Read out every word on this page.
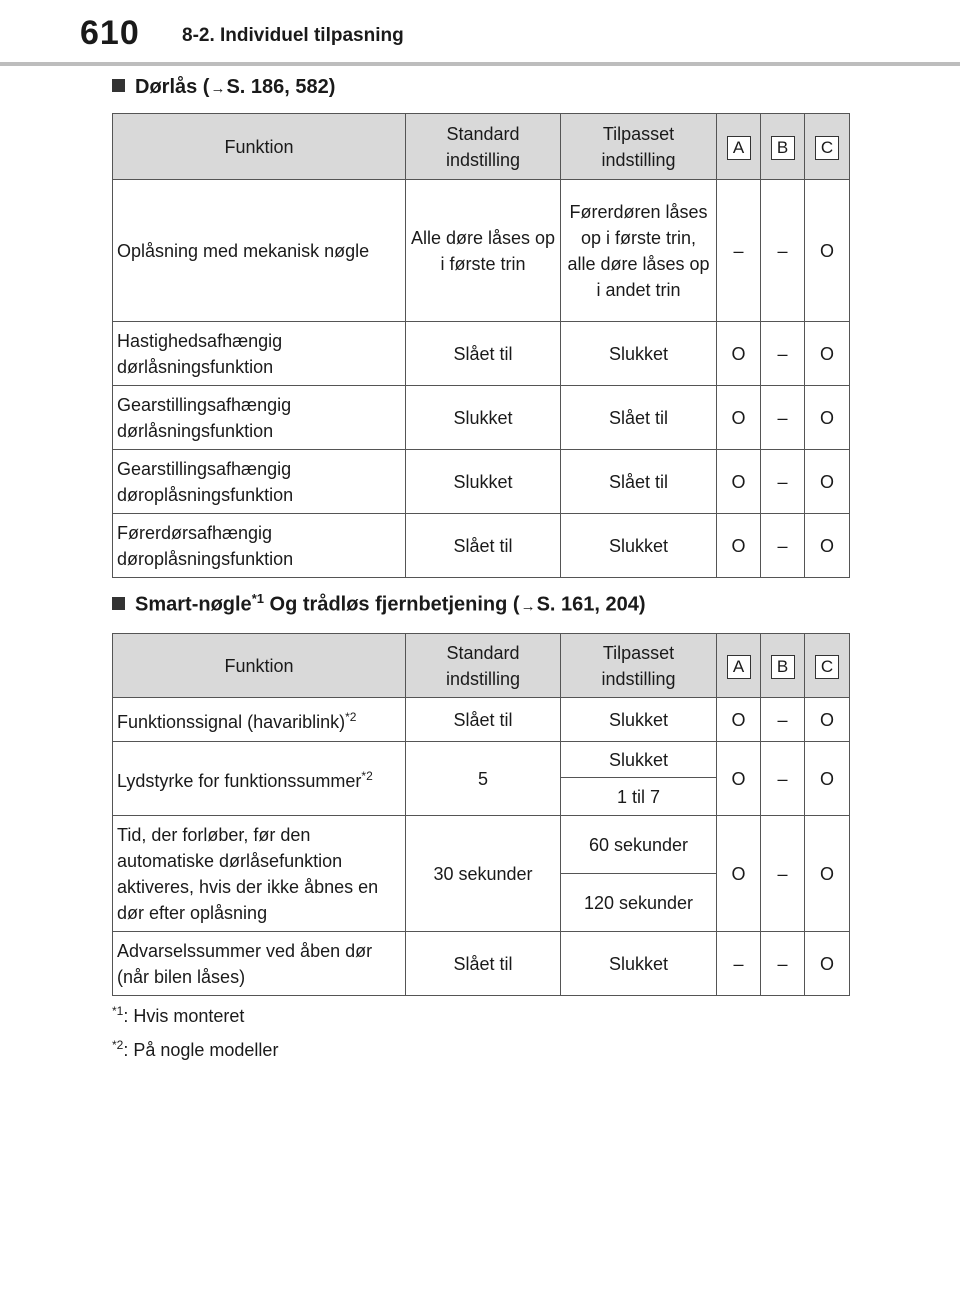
610 8-2. Individuel tilpasning
Dørlås (→S. 186, 582)
Funktion	Standard indstilling	Tilpasset indstilling	A	B	C
Oplåsning med mekanisk nøgle	Alle døre låses op i første trin	Førerdøren låses op i første trin, alle døre låses op i andet trin	–	–	O
Hastighedsafhængig dørlåsningsfunktion	Slået til	Slukket	O	–	O
Gearstillingsafhængig dørlåsningsfunktion	Slukket	Slået til	O	–	O
Gearstillingsafhængig døroplåsningsfunktion	Slukket	Slået til	O	–	O
Førerdørsafhængig døroplåsningsfunktion	Slået til	Slukket	O	–	O
Smart-nøgle$^{*1}$ Og trådløs fjernbetjening (→S. 161, 204)
Funktion	Standard indstilling	Tilpasset indstilling	A	B	C
Funktionssignal (havariblink)$^{*2}$	Slået til	Slukket	O	–	O
Lydstyrke for funktionssummer$^{*2}$	5	Slukket	O	–	O
		1 til 7			
Tid, der forløber, før den automatiske dørlåsefunktion aktiveres, hvis der ikke åbnes en dør efter oplåsning	30 sekunder	60 sekunder	O	–	O
		120 sekunder			
Advarselssummer ved åben dør (når bilen låses)	Slået til	Slukket	–	–	O
$^{*1}$: Hvis monteret
$^{*2}$: På nogle modeller
